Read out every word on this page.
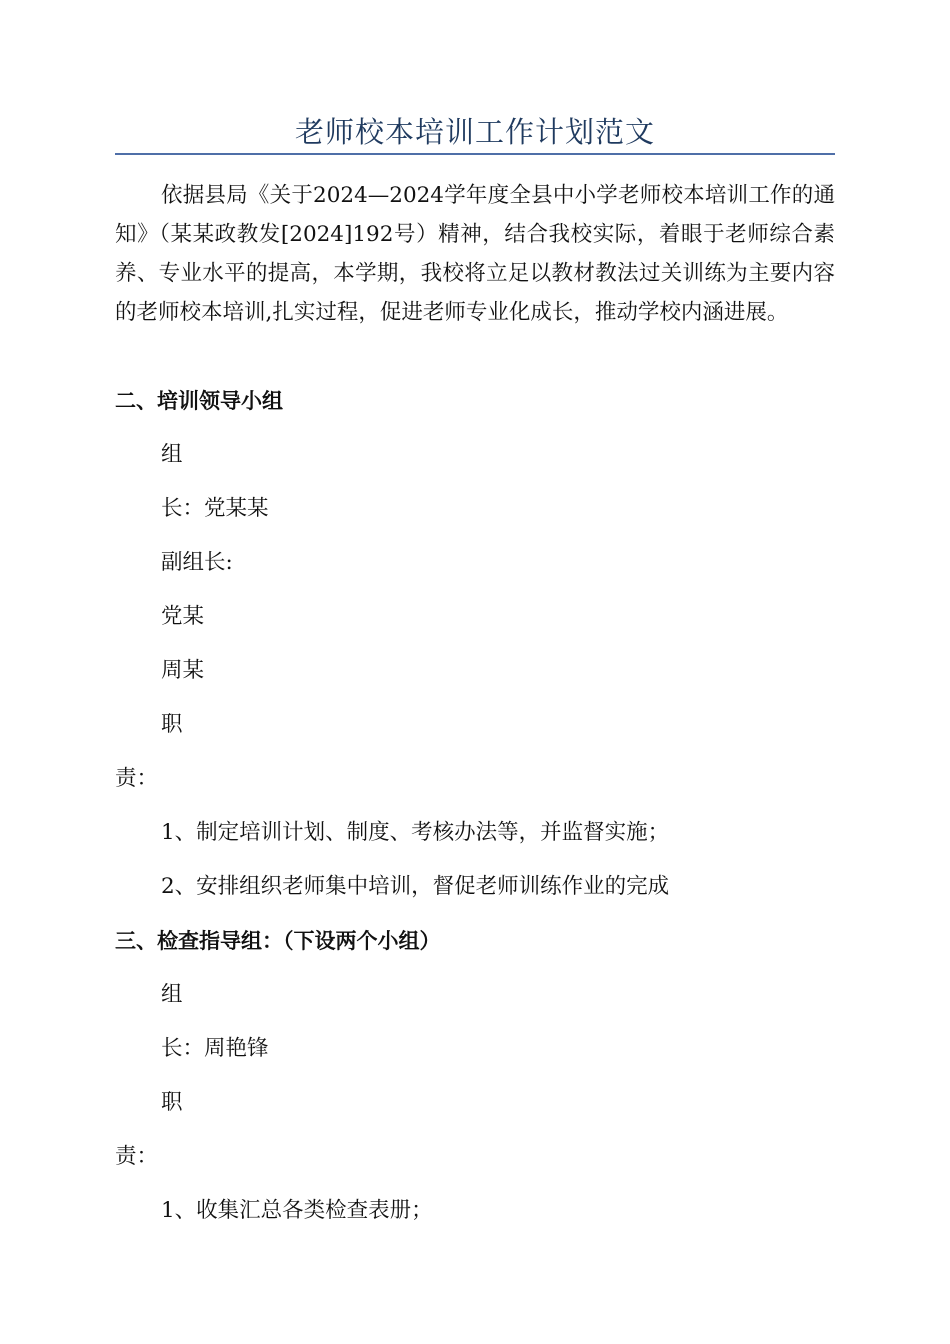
老师校本培训工作计划范文
依据县局《关于2024—2024学年度全县中小学老师校本培训工作的通知》（某某政教发[2024]192号）精神，结合我校实际，着眼于老师综合素养、专业水平的提高，本学期，我校将立足以教材教法过关训练为主要内容的老师校本培训,扎实过程，促进老师专业化成长，推动学校内涵进展。
二、培训领导小组
组
长：党某某
副组长:
党某
周某
职
责：
1、制定培训计划、制度、考核办法等，并监督实施；
2、安排组织老师集中培训，督促老师训练作业的完成
三、检查指导组：（下设两个小组）
组
长：周艳锋
职
责：
1、收集汇总各类检查表册；
